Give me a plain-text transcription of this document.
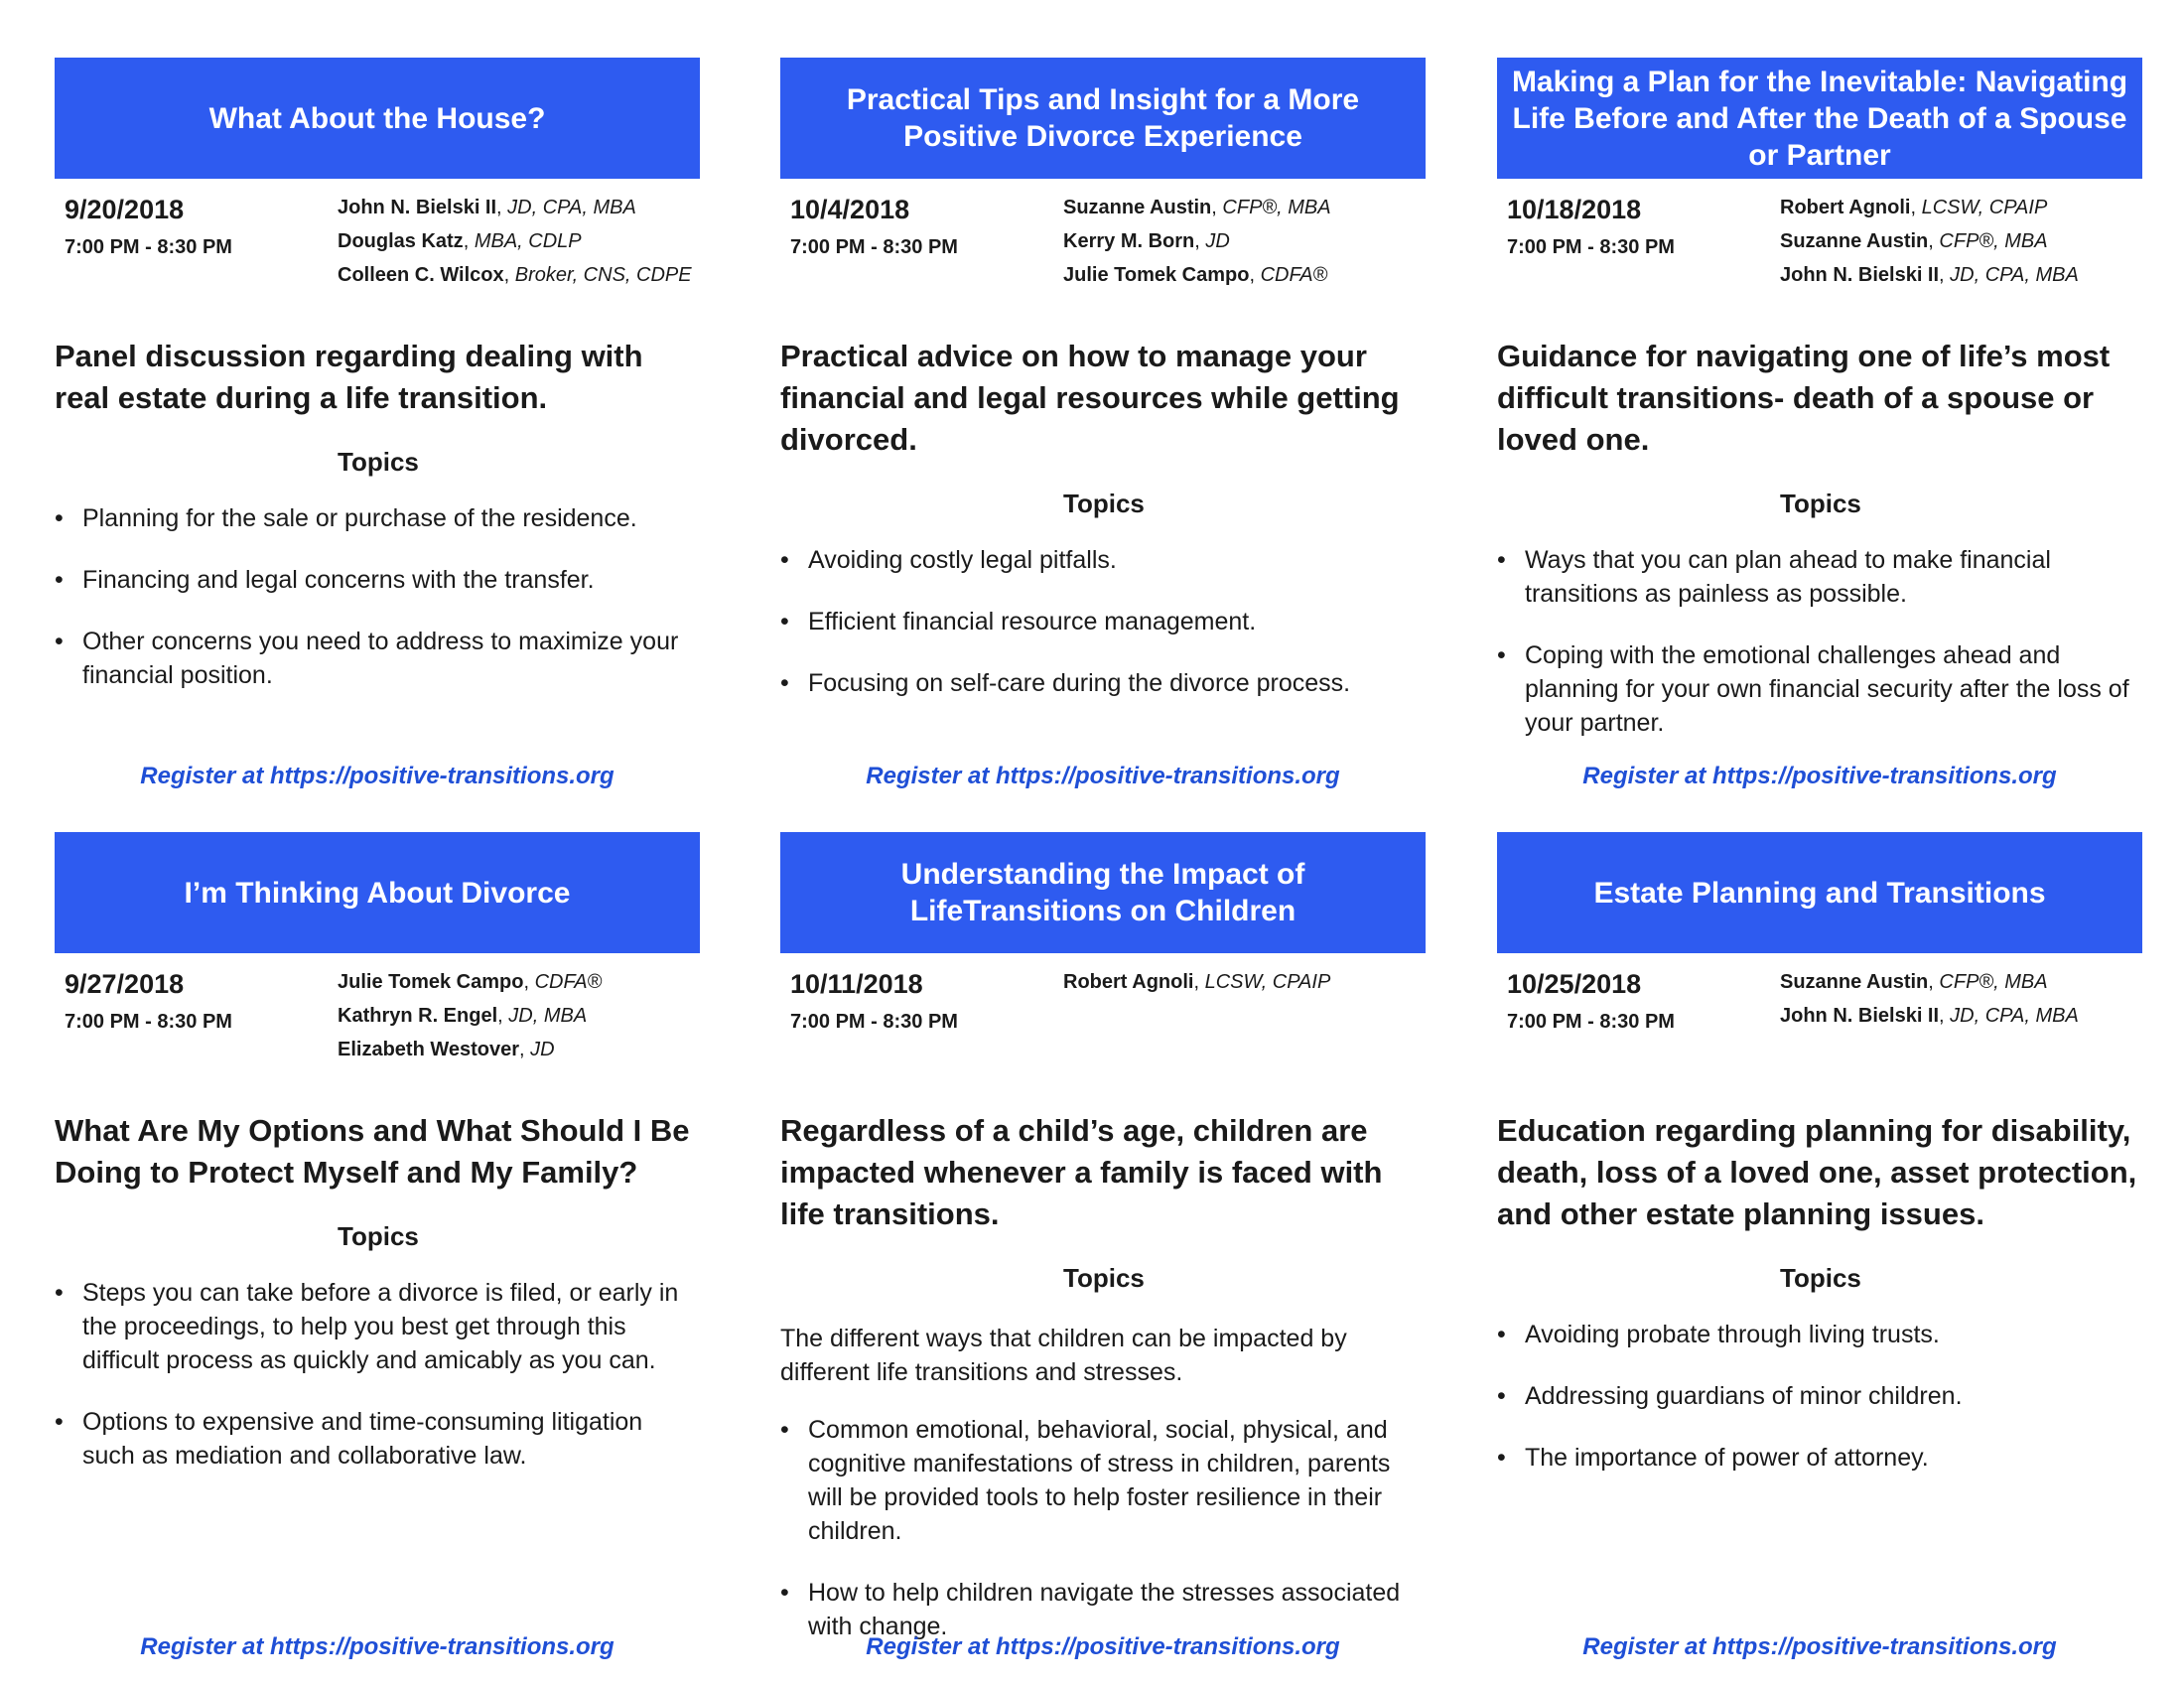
What About the House?
9/20/2018
7:00 PM - 8:30 PM
John N. Bielski II, JD, CPA, MBA
Douglas Katz, MBA, CDLP
Colleen C. Wilcox, Broker, CNS, CDPE
Panel discussion regarding dealing with real estate during a life transition.
Topics
• Planning for the sale or purchase of the residence.
• Financing and legal concerns with the transfer.
• Other concerns you need to address to maximize your financial position.
Register at https://positive-transitions.org
Practical Tips and Insight for a More Positive Divorce Experience
10/4/2018
7:00 PM - 8:30 PM
Suzanne Austin, CFP®, MBA
Kerry M. Born, JD
Julie Tomek Campo, CDFA®
Practical advice on how to manage your financial and legal resources while getting divorced.
Topics
• Avoiding costly legal pitfalls.
• Efficient financial resource management.
• Focusing on self-care during the divorce process.
Register at https://positive-transitions.org
Making a Plan for the Inevitable: Navigating Life Before and After the Death of a Spouse or Partner
10/18/2018
7:00 PM - 8:30 PM
Robert Agnoli, LCSW, CPAIP
Suzanne Austin, CFP®, MBA
John N. Bielski II, JD, CPA, MBA
Guidance for navigating one of life’s most difficult transitions- death of a spouse or loved one.
Topics
• Ways that you can plan ahead to make financial transitions as painless as possible.
• Coping with the emotional challenges ahead and planning for your own financial security after the loss of your partner.
Register at https://positive-transitions.org
I’m Thinking About Divorce
9/27/2018
7:00 PM - 8:30 PM
Julie Tomek Campo, CDFA®
Kathryn R. Engel, JD, MBA
Elizabeth Westover, JD
What Are My Options and What Should I Be Doing to Protect Myself and My Family?
Topics
• Steps you can take before a divorce is filed, or early in the proceedings, to help you best get through this difficult process as quickly and amicably as you can.
• Options to expensive and time-consuming litigation such as mediation and collaborative law.
Register at https://positive-transitions.org
Understanding the Impact of LifeTransitions on Children
10/11/2018
7:00 PM - 8:30 PM
Robert Agnoli, LCSW, CPAIP
Regardless of a child’s age, children are impacted whenever a family is faced with life transitions.
Topics
The different ways that children can be impacted by different life transitions and stresses.
• Common emotional, behavioral, social, physical, and cognitive manifestations of stress in children, parents will be provided tools to help foster resilience in their children.
• How to help children navigate the stresses associated with change.
Register at https://positive-transitions.org
Estate Planning and Transitions
10/25/2018
7:00 PM - 8:30 PM
Suzanne Austin, CFP®, MBA
John N. Bielski II, JD, CPA, MBA
Education regarding planning for disability, death, loss of a loved one, asset protection, and other estate planning issues.
Topics
• Avoiding probate through living trusts.
• Addressing guardians of minor children.
• The importance of power of attorney.
Register at https://positive-transitions.org
